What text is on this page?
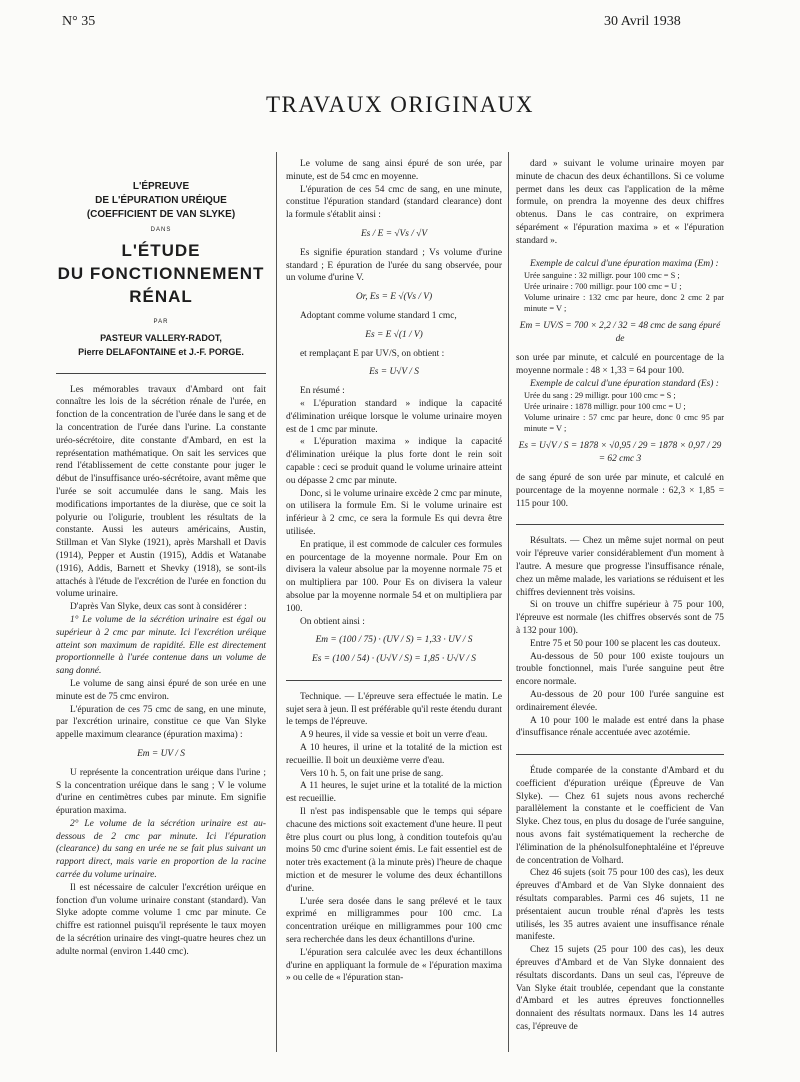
N° 35	30 Avril 1938
TRAVAUX ORIGINAUX
L'ÉPREUVE
DE L'ÉPURATION URÉIQUE
(COEFFICIENT DE VAN SLYKE)
DANS
L'ÉTUDE
DU FONCTIONNEMENT
RÉNAL
PAR
PASTEUR VALLERY-RADOT,
Pierre DELAFONTAINE et J.-F. PORGE.

Les mémorables travaux d'Ambard ont fait connaître les lois de la sécrétion rénale de l'urée, en fonction de la concentration de l'urée dans le sang et de la concentration de l'urée dans l'urine. La constante uréo-sécrétoire, dite constante d'Ambard, en est la représentation mathématique. On sait les services que rend l'établissement de cette constante pour juger le début de l'insuffisance uréo-sécrétoire, avant même que l'urée se soit accumulée dans le sang. Mais les modifications importantes de la diurèse, que ce soit la polyurie ou l'oligurie, troublent les résultats de la constante. Aussi les auteurs américains, Austin, Stillman et Van Slyke (1921), après Marshall et Davis (1914), Pepper et Austin (1915), Addis et Watanabe (1916), Addis, Barnett et Shevky (1918), se sont-ils attachés à l'étude de l'excrétion de l'urée en fonction du volume urinaire.

D'après Van Slyke, deux cas sont à considérer :

1° Le volume de la sécrétion urinaire est égal ou supérieur à 2 cmc par minute. Ici l'excrétion uréique atteint son maximum de rapidité. Elle est directement proportionnelle à l'urée contenue dans un volume de sang donné.

Le volume de sang ainsi épuré de son urée en une minute est de 75 cmc environ.

L'épuration de ces 75 cmc de sang, en une minute, par l'excrétion urinaire, constitue ce que Van Slyke appelle maximum clearance (épuration maxima) :

Em = UV / S

U représente la concentration uréique dans l'urine ; S la concentration uréique dans le sang ; V le volume d'urine en centimètres cubes par minute. Em signifie épuration maxima.

2° Le volume de la sécrétion urinaire est au-dessous de 2 cmc par minute. Ici l'épuration (clearance) du sang en urée ne se fait plus suivant un rapport direct, mais varie en proportion de la racine carrée du volume urinaire.

Il est nécessaire de calculer l'excrétion uréique en fonction d'un volume urinaire constant (standard). Van Slyke adopte comme volume 1 cmc par minute. Ce chiffre est rationnel puisqu'il représente le taux moyen de la sécrétion urinaire des vingt-quatre heures chez un adulte normal (environ 1.440 cmc).

Le volume de sang ainsi épuré de son urée, par minute, est de 54 cmc en moyenne.

L'épuration de ces 54 cmc de sang, en une minute, constitue l'épuration standard (standard clearance) dont la formule s'établit ainsi :

Es / E = √Vs / √V

Es signifie épuration standard ; Vs volume d'urine standard ; E épuration de l'urée du sang observée, pour un volume d'urine V.

Or, Es = E √(Vs / V)

Adoptant comme volume standard 1 cmc,

Es = E √(1 / V)

et remplaçant E par UV/S, on obtient :

Es = U√V / S

En résumé :

« L'épuration standard » indique la capacité d'élimination uréique lorsque le volume urinaire moyen est de 1 cmc par minute.

« L'épuration maxima » indique la capacité d'élimination uréique la plus forte dont le rein soit capable : ceci se produit quand le volume urinaire atteint ou dépasse 2 cmc par minute.

Donc, si le volume urinaire excède 2 cmc par minute, on utilisera la formule Em. Si le volume urinaire est inférieur à 2 cmc, ce sera la formule Es qui devra être utilisée.

En pratique, il est commode de calculer ces formules en pourcentage de la moyenne normale. Pour Em on divisera la valeur absolue par la moyenne normale 75 et on multipliera par 100. Pour Es on divisera la valeur absolue par la moyenne normale 54 et on multipliera par 100.

On obtient ainsi :

Em = (100 / 75) · (UV / S) = 1,33 · UV / S
Es = (100 / 54) · (U√V / S) = 1,85 · U√V / S

Technique. — L'épreuve sera effectuée le matin. Le sujet sera à jeun. Il est préférable qu'il reste étendu durant le temps de l'épreuve.

A 9 heures, il vide sa vessie et boit un verre d'eau.

A 10 heures, il urine et la totalité de la miction est recueillie. Il boit un deuxième verre d'eau.

Vers 10 h. 5, on fait une prise de sang.

A 11 heures, le sujet urine et la totalité de la miction est recueillie.

Il n'est pas indispensable que le temps qui sépare chacune des mictions soit exactement d'une heure. Il peut être plus court ou plus long, à condition toutefois qu'au moins 50 cmc d'urine soient émis. Le fait essentiel est de noter très exactement (à la minute près) l'heure de chaque miction et de mesurer le volume des deux échantillons d'urine.

L'urée sera dosée dans le sang prélevé et le taux exprimé en milligrammes pour 100 cmc. La concentration uréique en milligrammes pour 100 cmc sera recherchée dans les deux échantillons d'urine.

L'épuration sera calculée avec les deux échantillons d'urine en appliquant la formule de « l'épuration maxima » ou celle de « l'épuration stan-

dard » suivant le volume urinaire moyen par minute de chacun des deux échantillons. Si ce volume permet dans les deux cas l'application de la même formule, on prendra la moyenne des deux chiffres obtenus. Dans le cas contraire, on exprimera séparément « l'épuration maxima » et « l'épuration standard ».

Exemple de calcul d'une épuration maxima (Em) :

Urée sanguine : 32 milligr. pour 100 cmc = S ;

Urée urinaire : 700 milligr. pour 100 cmc = U ;

Volume urinaire : 132 cmc par heure, donc 2 cmc 2 par minute = V ;

Em = UV/S = 700 × 2,2 / 32 = 48 cmc de sang épuré de

son urée par minute, et calculé en pourcentage de la moyenne normale : 48 × 1,33 = 64 pour 100.

Exemple de calcul d'une épuration standard (Es) :

Urée du sang : 29 milligr. pour 100 cmc = S ;

Urée urinaire : 1878 milligr. pour 100 cmc = U ;

Volume urinaire : 57 cmc par heure, donc 0 cmc 95 par minute = V ;

Es = U√V / S = 1878 × √0,95 / 29 = 1878 × 0,97 / 29 = 62 cmc 3

de sang épuré de son urée par minute, et calculé en pourcentage de la moyenne normale : 62,3 × 1,85 = 115 pour 100.

Résultats. — Chez un même sujet normal on peut voir l'épreuve varier considérablement d'un moment à l'autre. A mesure que progresse l'insuffisance rénale, chez un même malade, les variations se réduisent et les chiffres deviennent très voisins.

Si on trouve un chiffre supérieur à 75 pour 100, l'épreuve est normale (les chiffres observés sont de 75 à 132 pour 100).

Entre 75 et 50 pour 100 se placent les cas douteux.

Au-dessous de 50 pour 100 existe toujours un trouble fonctionnel, mais l'urée sanguine peut être encore normale.

Au-dessous de 20 pour 100 l'urée sanguine est ordinairement élevée.

A 10 pour 100 le malade est entré dans la phase d'insuffisance rénale accentuée avec azotémie.

Étude comparée de la constante d'Ambard et du coefficient d'épuration uréique (Épreuve de Van Slyke). — Chez 61 sujets nous avons recherché parallèlement la constante et le coefficient de Van Slyke. Chez tous, en plus du dosage de l'urée sanguine, nous avons fait systématiquement la recherche de l'élimination de la phénolsulfonephtaléine et l'épreuve de concentration de Volhard.

Chez 46 sujets (soit 75 pour 100 des cas), les deux épreuves d'Ambard et de Van Slyke donnaient des résultats comparables. Parmi ces 46 sujets, 11 ne présentaient aucun trouble rénal d'après les tests utilisés, les 35 autres avaient une insuffisance rénale manifeste.

Chez 15 sujets (25 pour 100 des cas), les deux épreuves d'Ambard et de Van Slyke donnaient des résultats discordants. Dans un seul cas, l'épreuve de Van Slyke était troublée, cependant que la constante d'Ambard et les autres épreuves fonctionnelles donnaient des résultats normaux. Dans les 14 autres cas, l'épreuve de
